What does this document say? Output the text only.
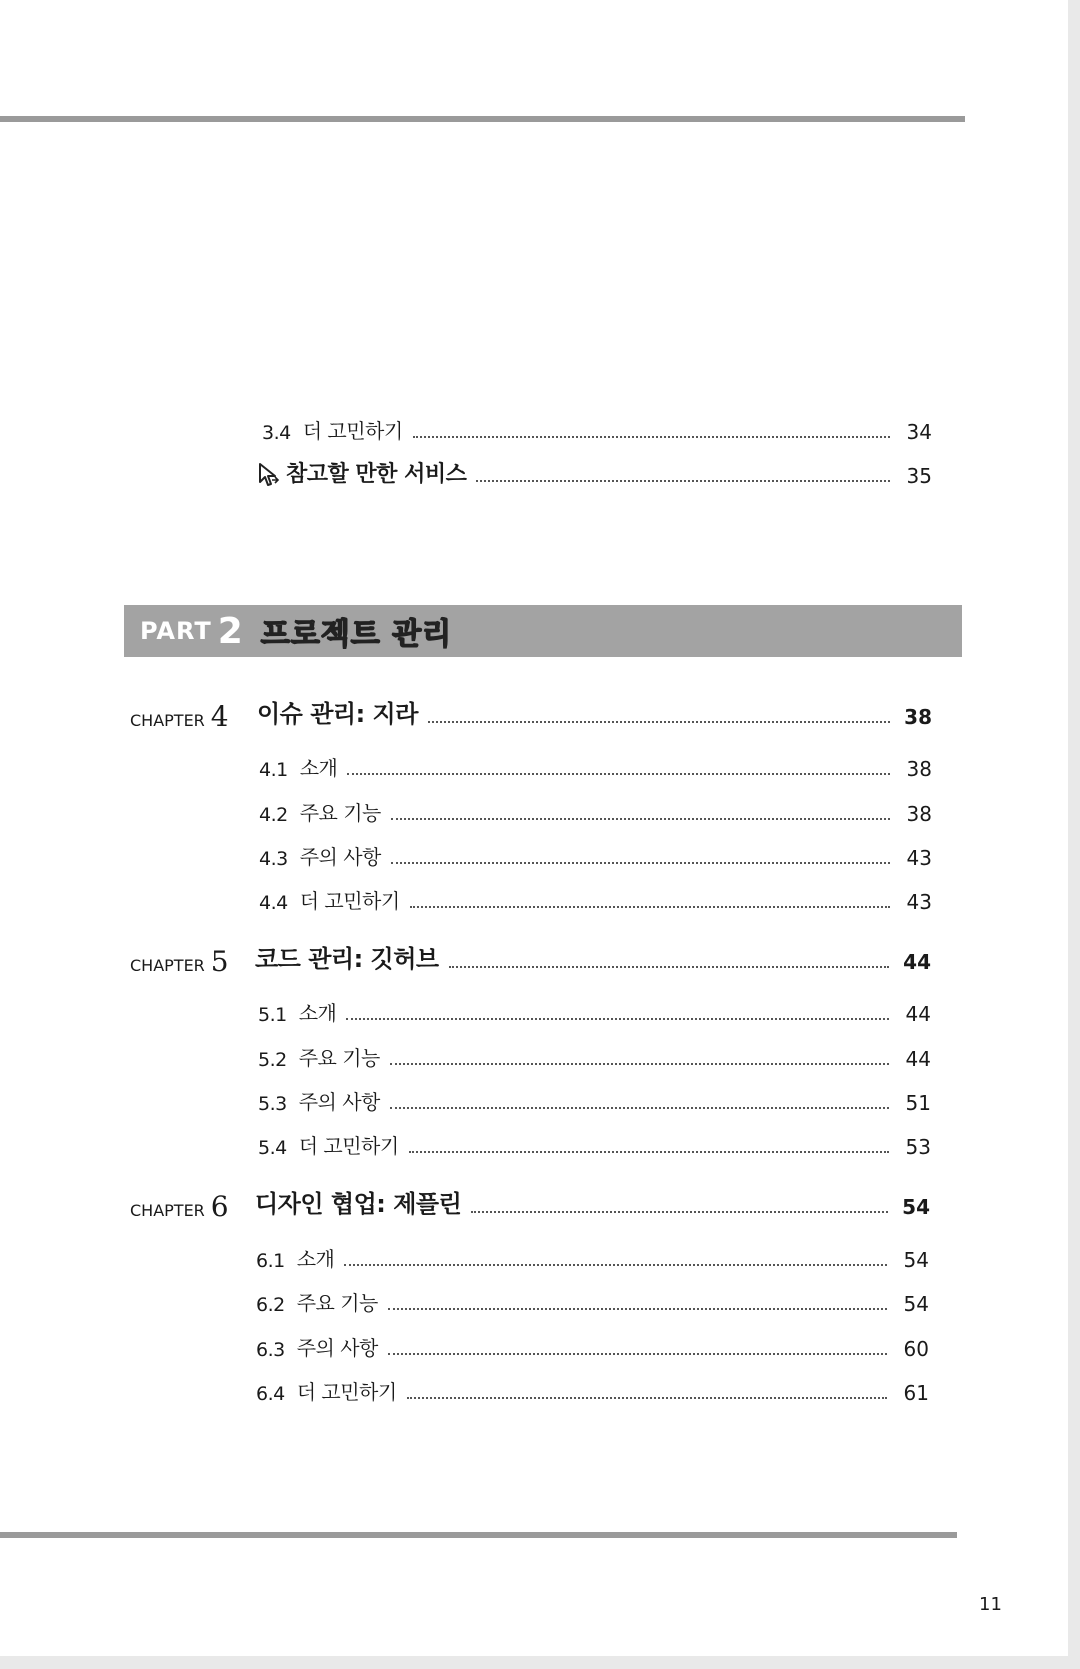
3.4 더 고민하기	34
참고할 만한 서비스	35
PART 2 프로젝트 관리
CHAPTER 4 이슈 관리: 지라	38
4.1 소개	38
4.2 주요 기능	38
4.3 주의 사항	43
4.4 더 고민하기	43
CHAPTER 5 코드 관리: 깃허브	44
5.1 소개	44
5.2 주요 기능	44
5.3 주의 사항	51
5.4 더 고민하기	53
CHAPTER 6 디자인 협업: 제플린	54
6.1 소개	54
6.2 주요 기능	54
6.3 주의 사항	60
6.4 더 고민하기	61
11
